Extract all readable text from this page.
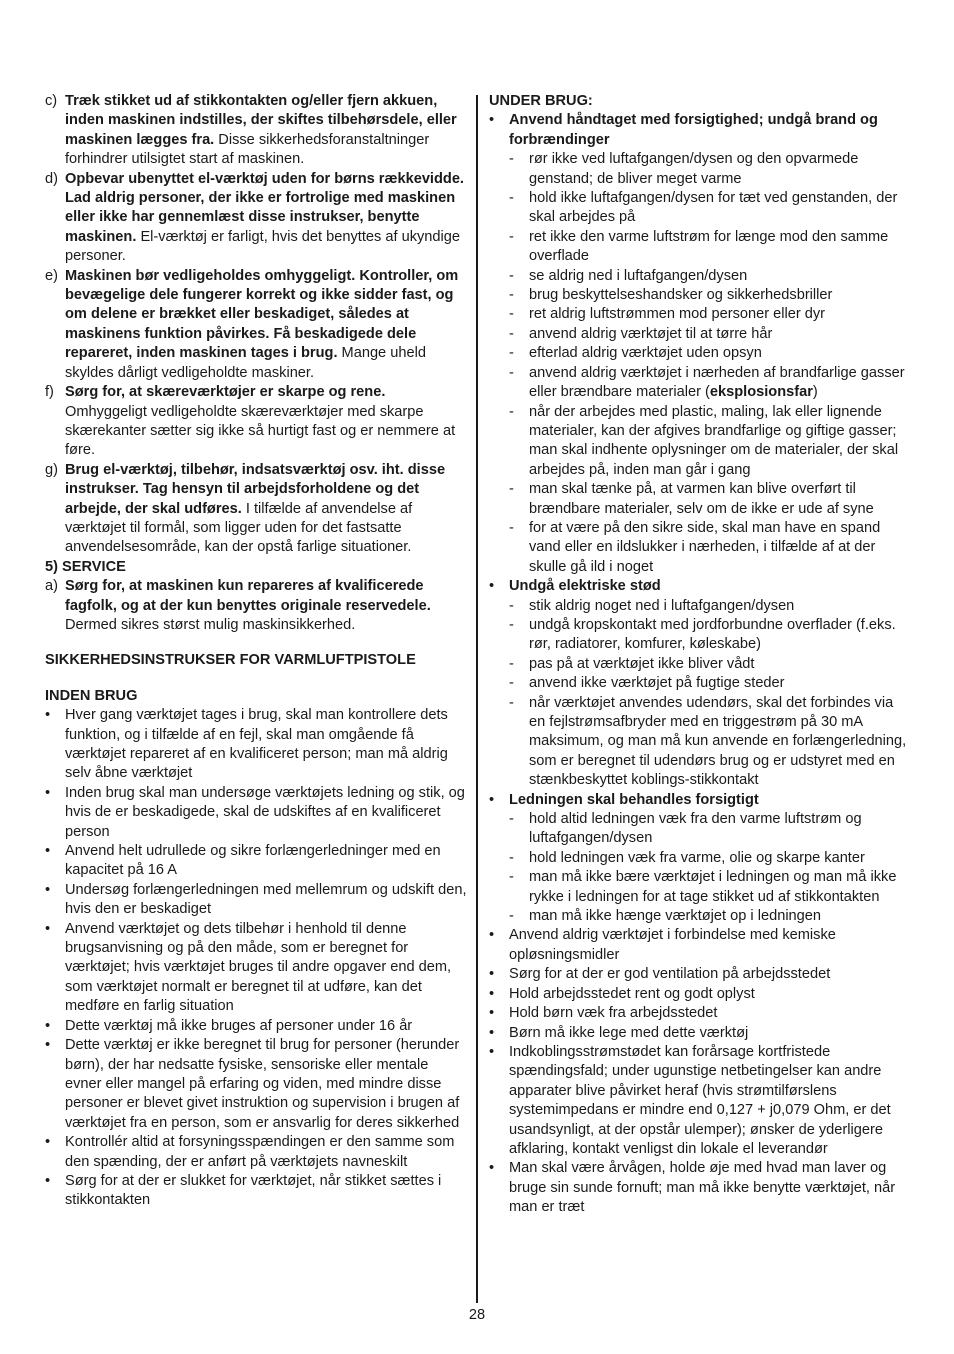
c) Træk stikket ud af stikkontakten og/eller fjern akkuen, inden maskinen indstilles, der skiftes tilbehørsdele, eller maskinen lægges fra. Disse sikkerhedsforanstaltninger forhindrer utilsigtet start af maskinen.
d) Opbevar ubenyttet el-værktøj uden for børns rækkevidde. Lad aldrig personer, der ikke er fortrolige med maskinen eller ikke har gennemlæst disse instrukser, benytte maskinen. El-værktøj er farligt, hvis det benyttes af ukyndige personer.
e) Maskinen bør vedligeholdes omhyggeligt. Kontroller, om bevægelige dele fungerer korrekt og ikke sidder fast, og om delene er brækket eller beskadiget, således at maskinens funktion påvirkes. Få beskadigede dele repareret, inden maskinen tages i brug. Mange uheld skyldes dårligt vedligeholdte maskiner.
f) Sørg for, at skæreværktøjer er skarpe og rene. Omhyggeligt vedligeholdte skæreværktøjer med skarpe skærekanter sætter sig ikke så hurtigt fast og er nemmere at føre.
g) Brug el-værktøj, tilbehør, indsatsværktøj osv. iht. disse instrukser. Tag hensyn til arbejdsforholdene og det arbejde, der skal udføres. I tilfælde af anvendelse af værktøjet til formål, som ligger uden for det fastsatte anvendelsesområde, kan der opstå farlige situationer.

5) SERVICE

a) Sørg for, at maskinen kun repareres af kvalificerede fagfolk, og at der kun benyttes originale reservedele. Dermed sikres størst mulig maskinsikkerhed.

SIKKERHEDSINSTRUKSER FOR VARMLUFTPISTOLE

INDEN BRUG

• Hver gang værktøjet tages i brug, skal man kontrollere dets funktion, og i tilfælde af en fejl, skal man omgående få værktøjet repareret af en kvalificeret person; man må aldrig selv åbne værktøjet
• Inden brug skal man undersøge værktøjets ledning og stik, og hvis de er beskadigede, skal de udskiftes af en kvalificeret person
• Anvend helt udrullede og sikre forlængerledninger med en kapacitet på 16 A
• Undersøg forlængerledningen med mellemrum og udskift den, hvis den er beskadiget
• Anvend værktøjet og dets tilbehør i henhold til denne brugsanvisning og på den måde, som er beregnet for værktøjet; hvis værktøjet bruges til andre opgaver end dem, som værktøjet normalt er beregnet til at udføre, kan det medføre en farlig situation
• Dette værktøj må ikke bruges af personer under 16 år
• Dette værktøj er ikke beregnet til brug for personer (herunder børn), der har nedsatte fysiske, sensoriske eller mentale evner eller mangel på erfaring og viden, med mindre disse personer er blevet givet instruktion og supervision i brugen af værktøjet fra en person, som er ansvarlig for deres sikkerhed
• Kontrollér altid at forsyningsspændingen er den samme som den spænding, der er anført på værktøjets navneskilt
• Sørg for at der er slukket for værktøjet, når stikket sættes i stikkontakten

UNDER BRUG:

• Anvend håndtaget med forsigtighed; undgå brand og forbrændinger
- rør ikke ved luftafgangen/dysen og den opvarmede genstand; de bliver meget varme
- hold ikke luftafgangen/dysen for tæt ved genstanden, der skal arbejdes på
- ret ikke den varme luftstrøm for længe mod den samme overflade
- se aldrig ned i luftafgangen/dysen
- brug beskyttelseshandsker og sikkerhedsbriller
- ret aldrig luftstrømmen mod personer eller dyr
- anvend aldrig værktøjet til at tørre hår
- efterlad aldrig værktøjet uden opsyn
- anvend aldrig værktøjet i nærheden af brandfarlige gasser eller brændbare materialer (eksplosionsfar)
- når der arbejdes med plastic, maling, lak eller lignende materialer, kan der afgives brandfarlige og giftige gasser; man skal indhente oplysninger om de materialer, der skal arbejdes på, inden man går i gang
- man skal tænke på, at varmen kan blive overført til brændbare materialer, selv om de ikke er ude af syne
- for at være på den sikre side, skal man have en spand vand eller en ildslukker i nærheden, i tilfælde af at der skulle gå ild i noget
• Undgå elektriske stød
- stik aldrig noget ned i luftafgangen/dysen
- undgå kropskontakt med jordforbundne overflader (f.eks. rør, radiatorer, komfurer, køleskabe)
- pas på at værktøjet ikke bliver vådt
- anvend ikke værktøjet på fugtige steder
- når værktøjet anvendes udendørs, skal det forbindes via en fejlstrømsafbryder med en triggestrøm på 30 mA maksimum, og man må kun anvende en forlængerledning, som er beregnet til udendørs brug og er udstyret med en stænkbeskyttet koblings-stikkontakt
• Ledningen skal behandles forsigtigt
- hold altid ledningen væk fra den varme luftstrøm og luftafgangen/dysen
- hold ledningen væk fra varme, olie og skarpe kanter
- man må ikke bære værktøjet i ledningen og man må ikke rykke i ledningen for at tage stikket ud af stikkontakten
- man må ikke hænge værktøjet op i ledningen
• Anvend aldrig værktøjet i forbindelse med kemiske opløsningsmidler
• Sørg for at der er god ventilation på arbejdsstedet
• Hold arbejdsstedet rent og godt oplyst
• Hold børn væk fra arbejdsstedet
• Børn må ikke lege med dette værktøj
• Indkoblingsstrømstødet kan forårsage kortfristede spændingsfald; under ugunstige netbetingelser kan andre apparater blive påvirket heraf (hvis strømtilførslens systemimpedans er mindre end 0,127 + j0,079 Ohm, er det usandsynligt, at der opstår ulemper); ønsker de yderligere afklaring, kontakt venligst din lokale el leverandør
• Man skal være årvågen, holde øje med hvad man laver og bruge sin sunde fornuft; man må ikke benytte værktøjet, når man er træt
28
